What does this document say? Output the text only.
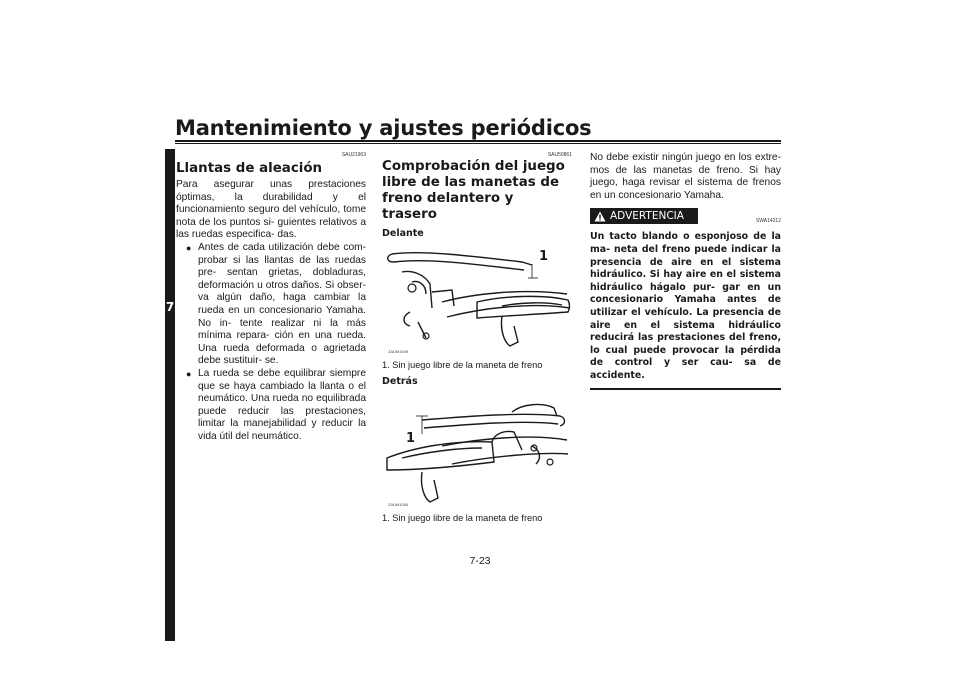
Mantenimiento y ajustes periódicos
7
SAU21963
Llantas de aleación

Para asegurar unas prestaciones óptimas, la durabilidad y el funcionamiento seguro del vehículo, tome nota de los puntos si- guientes relativos a las ruedas especifica- das.

● Antes de cada utilización debe com- probar si las llantas de las ruedas pre- sentan grietas, dobladuras, deformación u otros daños. Si obser- va algún daño, haga cambiar la rueda en un concesionario Yamaha. No in- tente realizar ni la más mínima repara- ción en una rueda. Una rueda deformada o agrietada debe sustituir- se.
● La rueda se debe equilibrar siempre que se haya cambiado la llanta o el neumático. Una rueda no equilibrada puede reducir las prestaciones, limitar la manejabilidad y reducir la vida útil del neumático.
SAU50861
Comprobación del juego libre de las manetas de freno delantero y trasero
Delante
1
ZAUM1049
1. Sin juego libre de la maneta de freno
Detrás
1
ZAUM1050
1. Sin juego libre de la maneta de freno

No debe existir ningún juego en los extre- mos de las manetas de freno. Si hay juego, haga revisar el sistema de frenos en un concesionario Yamaha.

ADVERTENCIA	SWA14212
Un tacto blando o esponjoso de la ma- neta del freno puede indicar la presencia de aire en el sistema hidráulico. Si hay aire en el sistema hidráulico hágalo pur- gar en un concesionario Yamaha antes de utilizar el vehículo. La presencia de aire en el sistema hidráulico reducirá las prestaciones del freno, lo cual puede provocar la pérdida de control y ser cau- sa de accidente.
7-23
